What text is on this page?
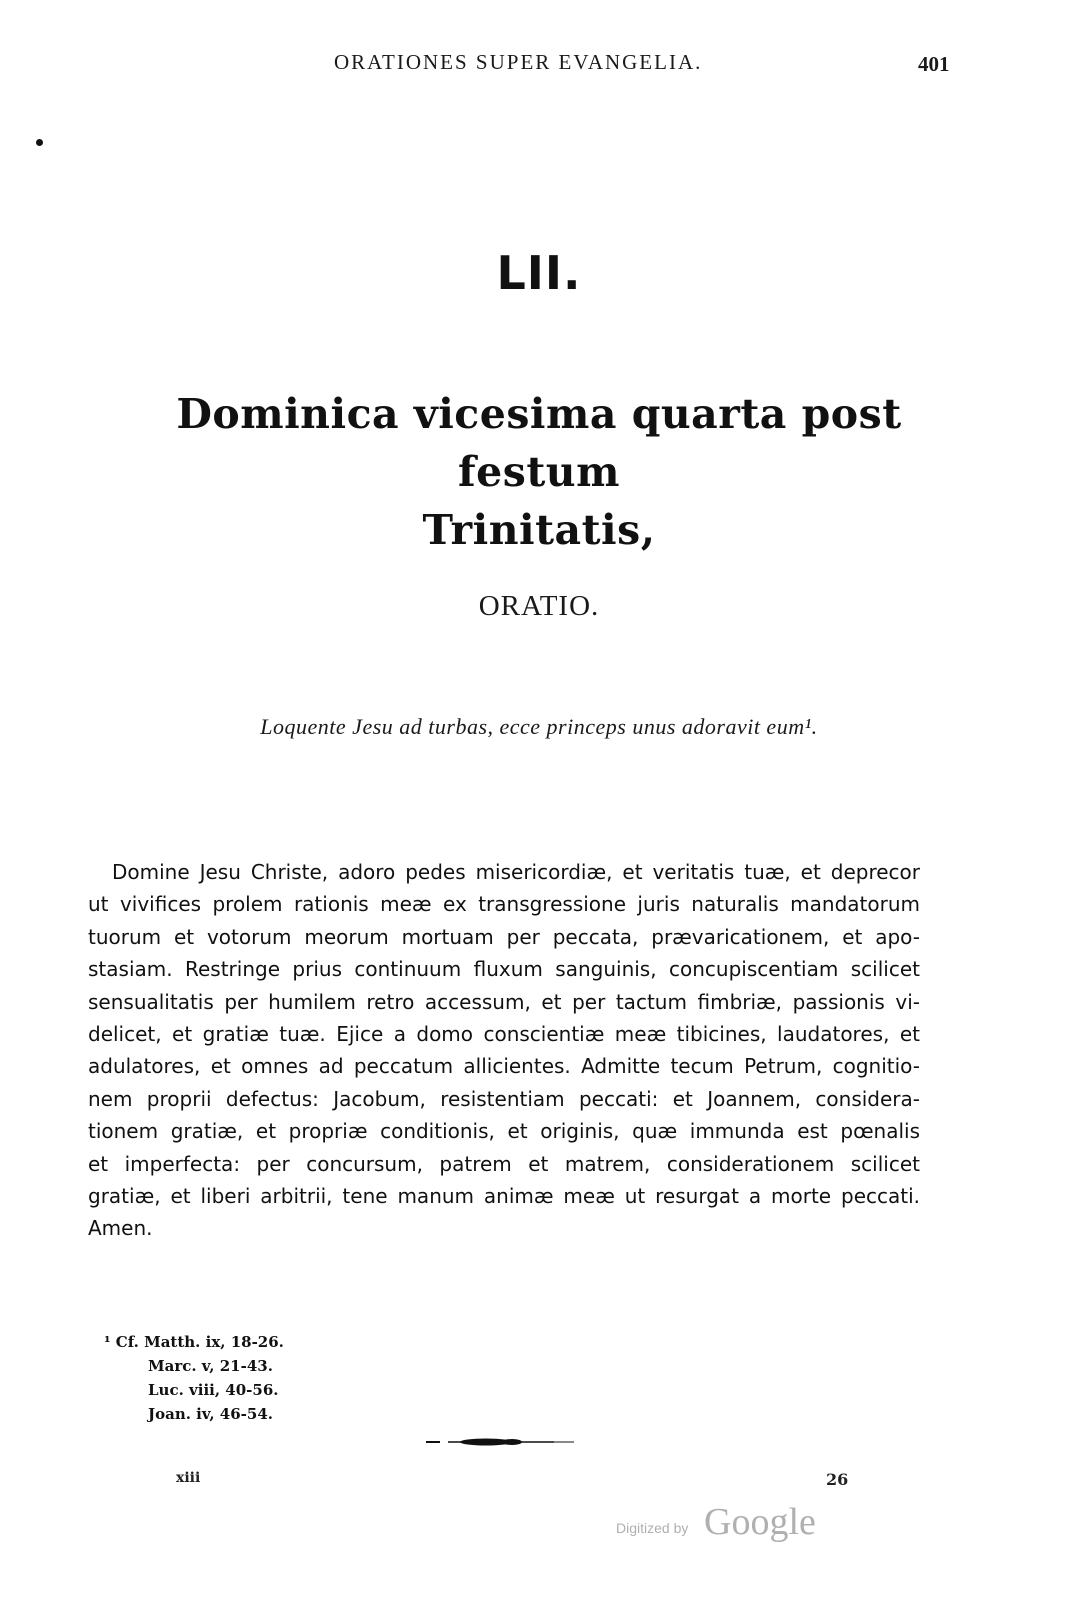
ORATIONES SUPER EVANGELIA.	401
LII.
Dominica vicesima quarta post festum
Trinitatis,
ORATIO.
Loquente Jesu ad turbas, ecce princeps unus adoravit eum¹.
Domine Jesu Christe, adoro pedes misericordiæ, et veritatis tuæ, et deprecor
ut vivifices prolem rationis meæ ex transgressione juris naturalis mandatorum
tuorum et votorum meorum mortuam per peccata, prævaricationem, et apo-
stasiam. Restringe prius continuum fluxum sanguinis, concupiscentiam scilicet
sensualitatis per humilem retro accessum, et per tactum fimbriæ, passionis vi-
delicet, et gratiæ tuæ. Ejice a domo conscientiæ meæ tibicines, laudatores, et
adulatores, et omnes ad peccatum allicientes. Admitte tecum Petrum, cognitio-
nem proprii defectus: Jacobum, resistentiam peccati: et Joannem, considera-
tionem gratiæ, et propriæ conditionis, et originis, quæ immunda est pœnalis
et imperfecta: per concursum, patrem et matrem, considerationem scilicet
gratiæ, et liberi arbitrii, tene manum animæ meæ ut resurgat a morte peccati.
Amen.
¹ Cf. Matth. ix, 18-26.
Marc. v, 21-43.
Luc. viii, 40-56.
Joan. iv, 46-54.
xiii	26
Digitized by Google
